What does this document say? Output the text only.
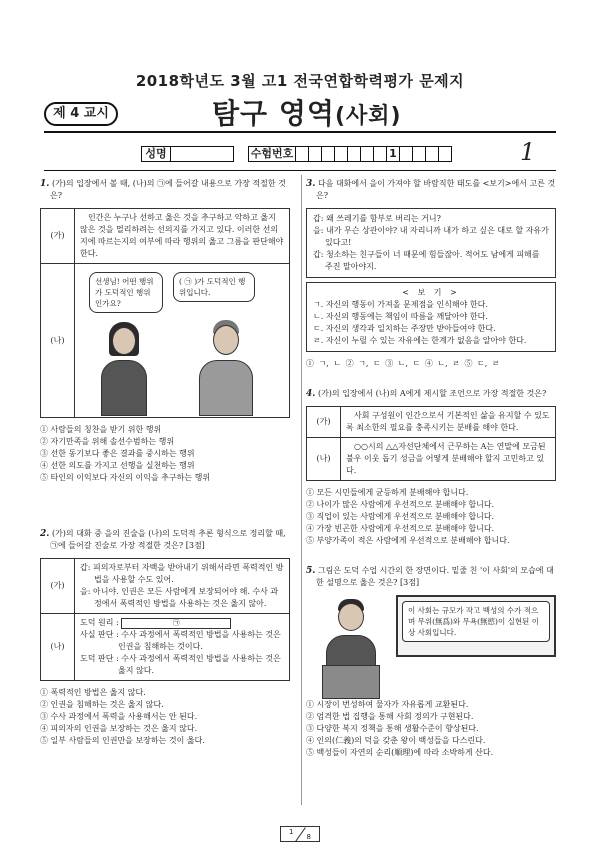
2018학년도 3월 고1 전국연합학력평가 문제지
제 4 교시	탐구 영역(사회)
성명	수험번호	1	1
1. (가)의 입장에서 볼 때, (나)의 ㉠에 들어갈 내용으로 가장 적절한 것은?
(가)	인간은 누구나 선하고 옳은 것을 추구하고 악하고 옳지 않은 것을 멀리하려는 선의지를 가지고 있다. 이러한 선의지에 따르는지의 여부에 따라 행위의 옳고 그름을 판단해야 한다.
(나)	선생님! 어떤 행위가 도덕적인 행위인가요?
( ㉠ )가 도덕적인 행위입니다.
① 사람들의 칭찬을 받기 위한 행위
② 자기만족을 위해 솔선수범하는 행위
③ 선한 동기보다 좋은 결과를 중시하는 행위
④ 선한 의도를 가지고 선행을 실천하는 행위
⑤ 타인의 이익보다 자신의 이익을 추구하는 행위
2. (가)의 대화 중 을의 진술을 (나)의 도덕적 추론 형식으로 정리할 때, ㉠에 들어갈 진술로 가장 적절한 것은? [3점]
(가)	갑: 피의자로부터 자백을 받아내기 위해서라면 폭력적인 방법을 사용할 수도 있어.
을: 아니야. 인권은 모든 사람에게 보장되어야 해. 수사 과정에서 폭력적인 방법을 사용하는 것은 옳지 않아.

(나)	도덕 원리 : ㉠
사실 판단 : 수사 과정에서 폭력적인 방법을 사용하는 것은 인권을 침해하는 것이다.
도덕 판단 : 수사 과정에서 폭력적인 방법을 사용하는 것은 옳지 않다.
① 폭력적인 방법은 옳지 않다.
② 인권을 침해하는 것은 옳지 않다.
③ 수사 과정에서 폭력을 사용해서는 안 된다.
④ 피의자의 인권을 보장하는 것은 옳지 않다.
⑤ 일부 사람들의 인권만을 보장하는 것이 옳다.
3. 다음 대화에서 을이 가져야 할 바람직한 태도를 <보기>에서 고른 것은?
갑: 왜 쓰레기를 함부로 버리는 거니?
을: 내가 무슨 상관이야? 내 자리니까 내가 하고 싶은 대로 할 자유가 있다고!
갑: 청소하는 친구들이 너 때문에 힘들잖아. 적어도 남에게 피해를 주진 말아야지.
< 보 기 >
ㄱ. 자신의 행동이 가져올 문제점을 인식해야 한다.
ㄴ. 자신의 행동에는 책임이 따름을 깨달아야 한다.
ㄷ. 자신의 생각과 일치하는 주장만 받아들여야 한다.
ㄹ. 자신이 누릴 수 있는 자유에는 한계가 없음을 알아야 한다.
① ㄱ, ㄴ ② ㄱ, ㄷ ③ ㄴ, ㄷ ④ ㄴ, ㄹ ⑤ ㄷ, ㄹ
4. (가)의 입장에서 (나)의 A에게 제시할 조언으로 가장 적절한 것은?
(가)	사회 구성원이 인간으로서 기본적인 삶을 유지할 수 있도록 최소한의 필요를 충족시키는 분배를 해야 한다.
(나)	○○시의 △△자선단체에서 근무하는 A는 연말에 모금된 불우 이웃 돕기 성금을 어떻게 분배해야 할지 고민하고 있다.
① 모든 시민들에게 균등하게 분배해야 합니다.
② 나이가 많은 사람에게 우선적으로 분배해야 합니다.
③ 직업이 있는 사람에게 우선적으로 분배해야 합니다.
④ 가장 빈곤한 사람에게 우선적으로 분배해야 합니다.
⑤ 부양가족이 적은 사람에게 우선적으로 분배해야 합니다.
5. 그림은 도덕 수업 시간의 한 장면이다. 밑줄 친 '이 사회'의 모습에 대한 설명으로 옳은 것은? [3점]
이 사회는 규모가 작고 백성의 수가 적으며 무위(無爲)와 무욕(無慾)이 실현된 이상 사회입니다.
① 시장이 번성하여 물자가 자유롭게 교환된다.
② 엄격한 법 집행을 통해 사회 정의가 구현된다.
③ 다양한 복지 정책을 통해 생활수준이 향상된다.
④ 인의(仁義)의 덕을 갖춘 왕이 백성들을 다스린다.
⑤ 백성들이 자연의 순리(順理)에 따라 소박하게 산다.
1
8
